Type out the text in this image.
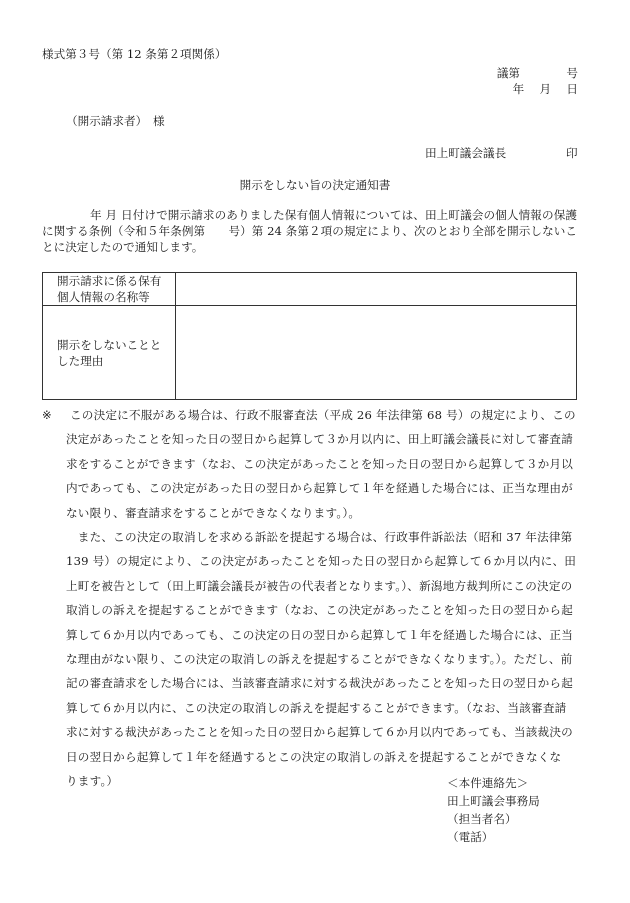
様式第３号（第 12 条第２項関係）
議第　　　　号
年　 月　 日
（開示請求者）　様
田上町議会議長	印
開示をしない旨の決定通知書
年 月 日付けで開示請求のありました保有個人情報については、田上町議会の個人情報の保護に関する条例（令和５年条例第　　号）第 24 条第２項の規定により、次のとおり全部を開示しないことに決定したので通知します。
開示請求に係る保有
個人情報の名称等	

開示をしないことと
した理由	

※	この決定に不服がある場合は、行政不服審査法（平成 26 年法律第 68 号）の規定により、この
決定があったことを知った日の翌日から起算して３か月以内に、田上町議会議長に対して審査請
求をすることができます（なお、この決定があったことを知った日の翌日から起算して３か月以
内であっても、この決定があった日の翌日から起算して１年を経過した場合には、正当な理由が
ない限り、審査請求をすることができなくなります。）。
　また、この決定の取消しを求める訴訟を提起する場合は、行政事件訴訟法（昭和 37 年法律第
139 号）の規定により、この決定があったことを知った日の翌日から起算して６か月以内に、田
上町を被告として（田上町議会議長が被告の代表者となります。）、新潟地方裁判所にこの決定の
取消しの訴えを提起することができます（なお、この決定があったことを知った日の翌日から起
算して６か月以内であっても、この決定の日の翌日から起算して１年を経過した場合には、正当
な理由がない限り、この決定の取消しの訴えを提起することができなくなります。）。ただし、前
記の審査請求をした場合には、当該審査請求に対する裁決があったことを知った日の翌日から起
算して６か月以内に、この決定の取消しの訴えを提起することができます。（なお、当該審査請
求に対する裁決があったことを知った日の翌日から起算して６か月以内であっても、当該裁決の
日の翌日から起算して１年を経過するとこの決定の取消しの訴えを提起することができなくな
ります。）	＜本件連絡先＞
田上町議会事務局
（担当者名）
（電話）
